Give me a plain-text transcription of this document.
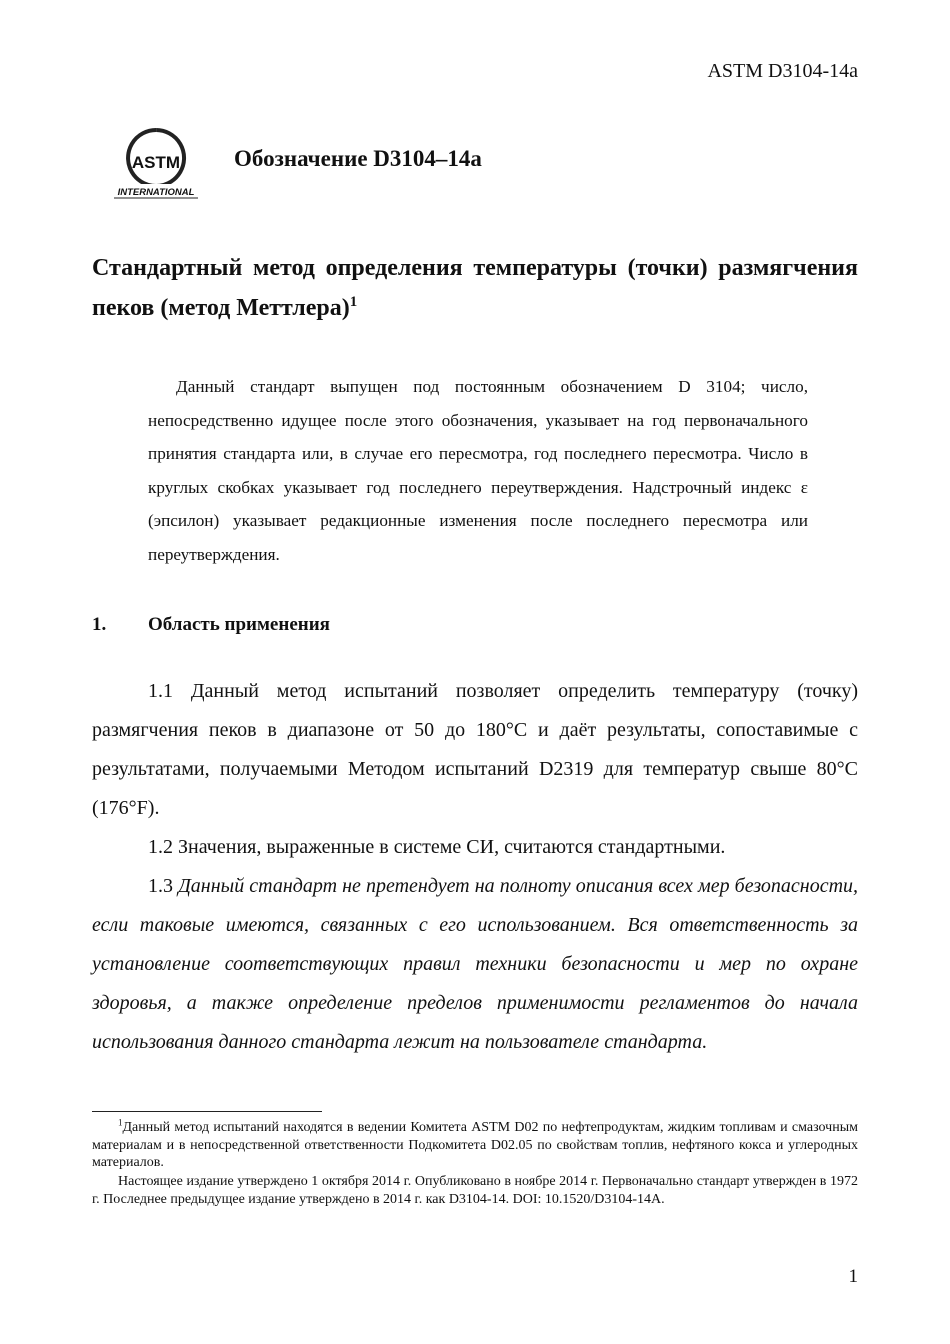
ASTM D3104-14a
ASTM
INTERNATIONAL
Обозначение D3104–14a
Стандартный метод определения температуры (точки) размягчения пеков (метод Меттлера)$^1$
Данный стандарт выпущен под постоянным обозначением D 3104; число, непосредственно идущее после этого обозначения, указывает на год первоначального принятия стандарта или, в случае его пересмотра, год последнего пересмотра. Число в круглых скобках указывает год последнего переутверждения. Надстрочный индекс ε (эпсилон) указывает редакционные изменения после последнего пересмотра или переутверждения.
1. Область применения

1.1 Данный метод испытаний позволяет определить температуру (точку) размягчения пеков в диапазоне от 50 до 180°C и даёт результаты, сопоставимые с результатами, получаемыми Методом испытаний D2319 для температур свыше 80°C (176°F).

1.2 Значения, выраженные в системе СИ, считаются стандартными.

1.3 Данный стандарт не претендует на полноту описания всех мер безопасности, если таковые имеются, связанных с его использованием. Вся ответственность за установление соответствующих правил техники безопасности и мер по охране здоровья, а также определение пределов применимости регламентов до начала использования данного стандарта лежит на пользователе стандарта.

$^1$Данный метод испытаний находятся в ведении Комитета ASTM D02 по нефтепродуктам, жидким топливам и смазочным материалам и в непосредственной ответственности Подкомитета D02.05 по свойствам топлив, нефтяного кокса и углеродных материалов.

Настоящее издание утверждено 1 октября 2014 г. Опубликовано в ноябре 2014 г. Первоначально стандарт утвержден в 1972 г. Последнее предыдущее издание утверждено в 2014 г. как D3104-14. DOI: 10.1520/D3104-14A.

1
